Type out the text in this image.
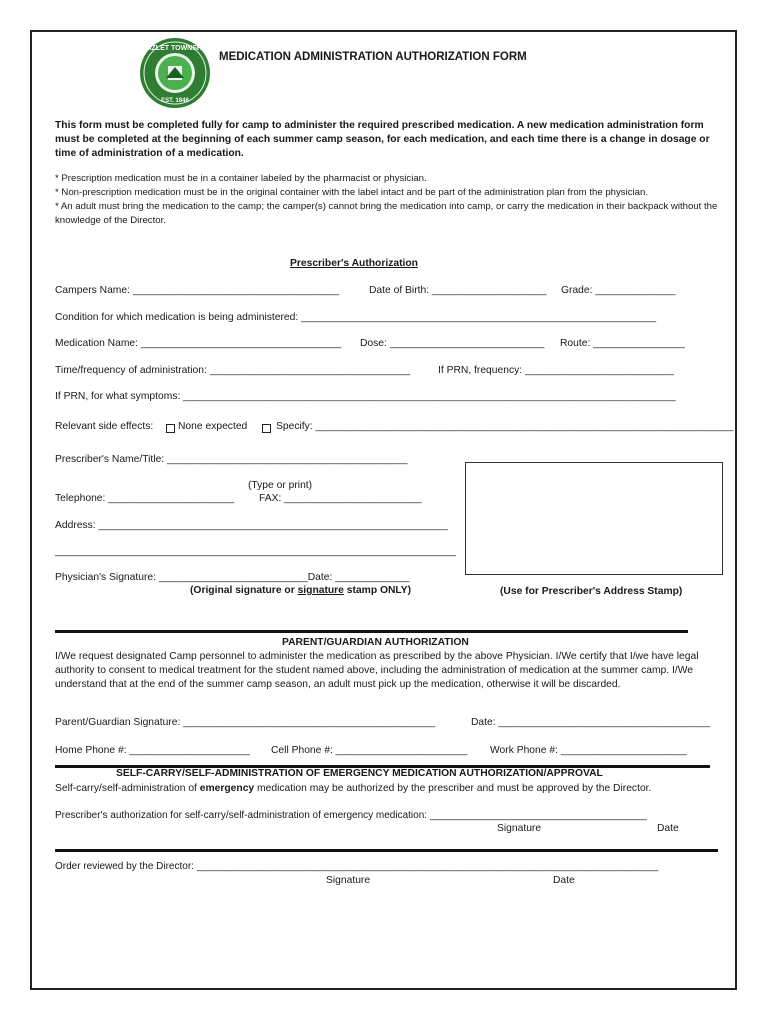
HAZLET TOWNSHIP
EST. 1848
MEDICATION ADMINISTRATION AUTHORIZATION FORM
This form must be completed fully for camp to administer the required prescribed medication. A new medication administration form must be completed at the beginning of each summer camp season, for each medication, and each time there is a change in dosage or time of administration of a medication.
* Prescription medication must be in a container labeled by the pharmacist or physician.
* Non-prescription medication must be in the original container with the label intact and be part of the administration plan from the physician.
* An adult must bring the medication to the camp; the camper(s) cannot bring the medication into camp, or carry the medication in their backpack without the knowledge of the Director.
Prescriber's Authorization
Campers Name: ____________________________________	Date of Birth: ____________________ Grade: ______________
Condition for which medication is being administered: ______________________________________________________________
Medication Name: ___________________________________ Dose: ___________________________ Route: ________________
Time/frequency of administration: ___________________________________	If PRN, frequency: __________________________
If PRN, for what symptoms: ______________________________________________________________________________________
Relevant side effects: None expected	Specify: _________________________________________________________________________
Prescriber's Name/Title: __________________________________________
(Type or print)
Telephone: ______________________ FAX: ________________________
Address: _____________________________________________________________
______________________________________________________________________
Physician's Signature: __________________________Date: _____________
(Original signature or signature stamp ONLY)	(Use for Prescriber's Address Stamp)
PARENT/GUARDIAN AUTHORIZATION
I/We request designated Camp personnel to administer the medication as prescribed by the above Physician. I/We certify that I/we have legal authority to consent to medical treatment for the student named above, including the administration of medication at the summer camp. I/We understand that at the end of the summer camp season, an adult must pick up the medication, otherwise it will be discarded.
Parent/Guardian Signature: ____________________________________________	Date: _____________________________________
Home Phone #: _____________________ Cell Phone #: _______________________ Work Phone #: ______________________
SELF-CARRY/SELF-ADMINISTRATION OF EMERGENCY MEDICATION AUTHORIZATION/APPROVAL
Self-carry/self-administration of emergency medication may be authorized by the prescriber and must be approved by the Director.
Prescriber's authorization for self-carry/self-administration of emergency medication: _______________________________________
Signature	Date
Order reviewed by the Director: ___________________________________________________________________________________
Signature	Date
